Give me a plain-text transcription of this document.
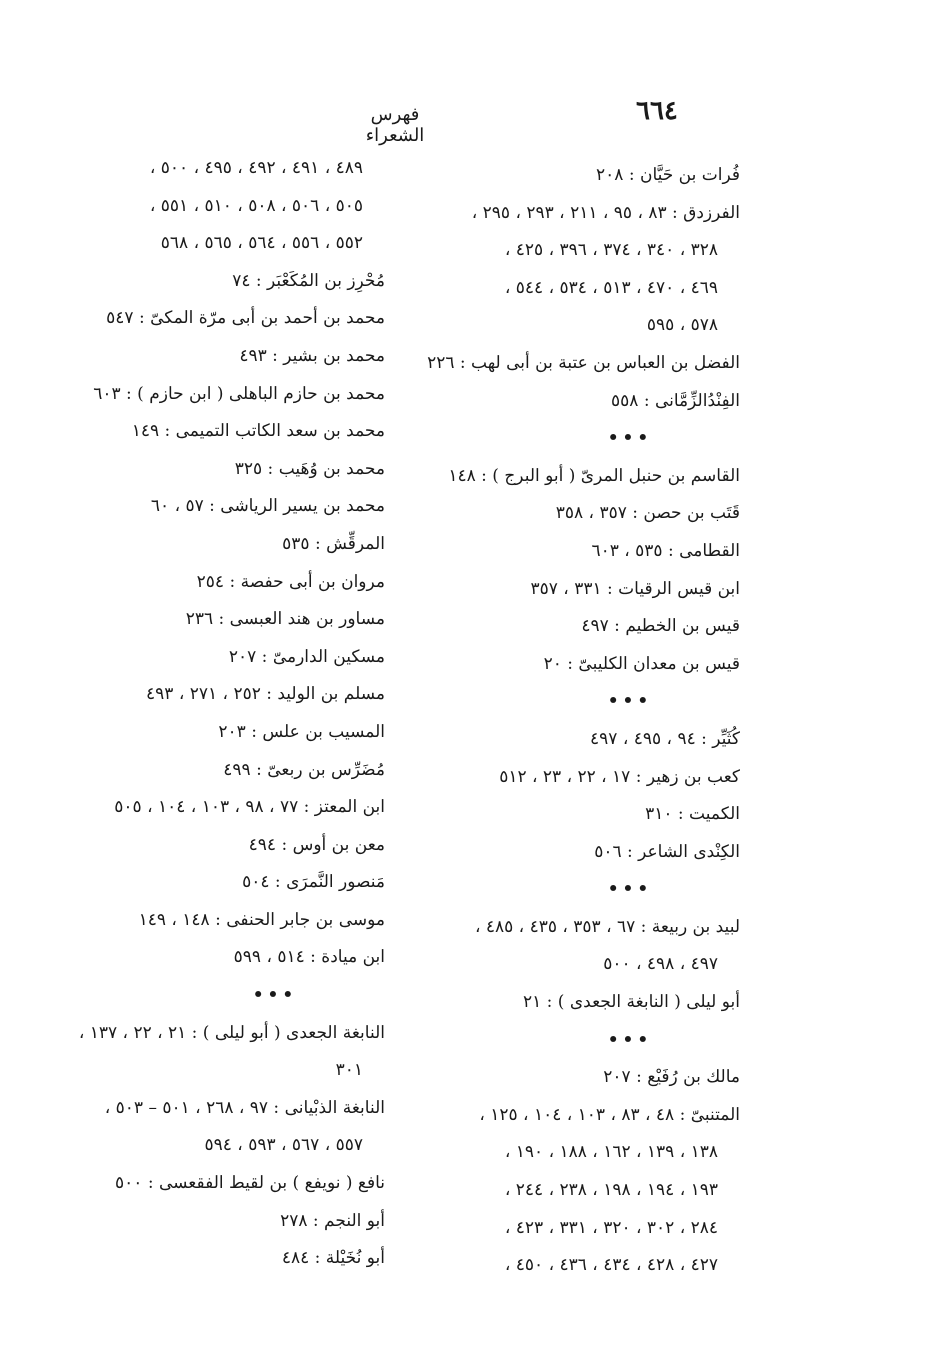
٦٦٤
فهرس الشعراء
فُرات بن حَيَّان : ٢٠٨
الفرزدق : ٨٣ ، ٩٥ ، ٢١١ ، ٢٩٣ ، ٢٩٥ ،
٣٢٨ ، ٣٤٠ ، ٣٧٤ ، ٣٩٦ ، ٤٢٥ ،
٤٦٩ ، ٤٧٠ ، ٥١٣ ، ٥٣٤ ، ٥٤٤ ،
٥٧٨ ، ٥٩٥
الفضل بن العباس بن عتبة بن أبى لهب : ٢٢٦
الفِنْدُالزِّمَّانى : ٥٥٨
•••
القاسم بن حنبل المرىّ ( أبو البرج ) : ١٤٨
قَتَب بن حصن : ٣٥٧ ، ٣٥٨
القطامى : ٥٣٥ ، ٦٠٣
ابن قيس الرقيات : ٣٣١ ، ٣٥٧
قيس بن الخطيم : ٤٩٧
قيس بن معدان الكليبىّ : ٢٠
•••
كُثَيِّر : ٩٤ ، ٤٩٥ ، ٤٩٧
كعب بن زهير : ١٧ ، ٢٢ ، ٢٣ ، ٥١٢
الكميت : ٣١٠
الكِنْدى الشاعر : ٥٠٦
•••
لبيد بن ربيعة : ٦٧ ، ٣٥٣ ، ٤٣٥ ، ٤٨٥ ،
٤٩٧ ، ٤٩٨ ، ٥٠٠
أبو ليلى ( النابغة الجعدى ) : ٢١
•••
مالك بن رُفَيْع : ٢٠٧
المتنبىّ : ٤٨ ، ٨٣ ، ١٠٣ ، ١٠٤ ، ١٢٥ ،
١٣٨ ، ١٣٩ ، ١٦٢ ، ١٨٨ ، ١٩٠ ،
١٩٣ ، ١٩٤ ، ١٩٨ ، ٢٣٨ ، ٢٤٤ ،
٢٨٤ ، ٣٠٢ ، ٣٢٠ ، ٣٣١ ، ٤٢٣ ،
٤٢٧ ، ٤٢٨ ، ٤٣٤ ، ٤٣٦ ، ٤٥٠ ،
٤٨٩ ، ٤٩١ ، ٤٩٢ ، ٤٩٥ ، ٥٠٠ ،
٥٠٥ ، ٥٠٦ ، ٥٠٨ ، ٥١٠ ، ٥٥١ ،
٥٥٢ ، ٥٥٦ ، ٥٦٤ ، ٥٦٥ ، ٥٦٨
مُحْرِز بن المُكَعْبَر : ٧٤
محمد بن أحمد بن أبى مرّة المكىّ : ٥٤٧
محمد بن بشير : ٤٩٣
محمد بن حازم الباهلى ( ابن حازم ) : ٦٠٣
محمد بن سعد الكاتب التميمى : ١٤٩
محمد بن وُهَيب : ٣٢٥
محمد بن يسير الرياشى : ٥٧ ، ٦٠
المرقِّش : ٥٣٥
مروان بن أبى حفصة : ٢٥٤
مساور بن هند العبسى : ٢٣٦
مسكين الدارمىّ : ٢٠٧
مسلم بن الوليد : ٢٥٢ ، ٢٧١ ، ٤٩٣
المسيب بن علس : ٢٠٣
مُضَرِّس بن ربعىّ : ٤٩٩
ابن المعتز : ٧٧ ، ٩٨ ، ١٠٣ ، ١٠٤ ، ٥٠٥
معن بن أوس : ٤٩٤
مَنصور النَّمرَى : ٥٠٤
موسى بن جابر الحنفى : ١٤٨ ، ١٤٩
ابن ميادة : ٥١٤ ، ٥٩٩
•••
النابغة الجعدى ( أبو ليلى ) : ٢١ ، ٢٢ ، ١٣٧ ،
٣٠١
النابغة الذبْيانى : ٩٧ ، ٢٦٨ ، ٥٠١ – ٥٠٣ ،
٥٥٧ ، ٥٦٧ ، ٥٩٣ ، ٥٩٤
نافع ( نويفع ) بن لقيط الفقعسى : ٥٠٠
أبو النجم : ٢٧٨
أبو نُخَيْلة : ٤٨٤
